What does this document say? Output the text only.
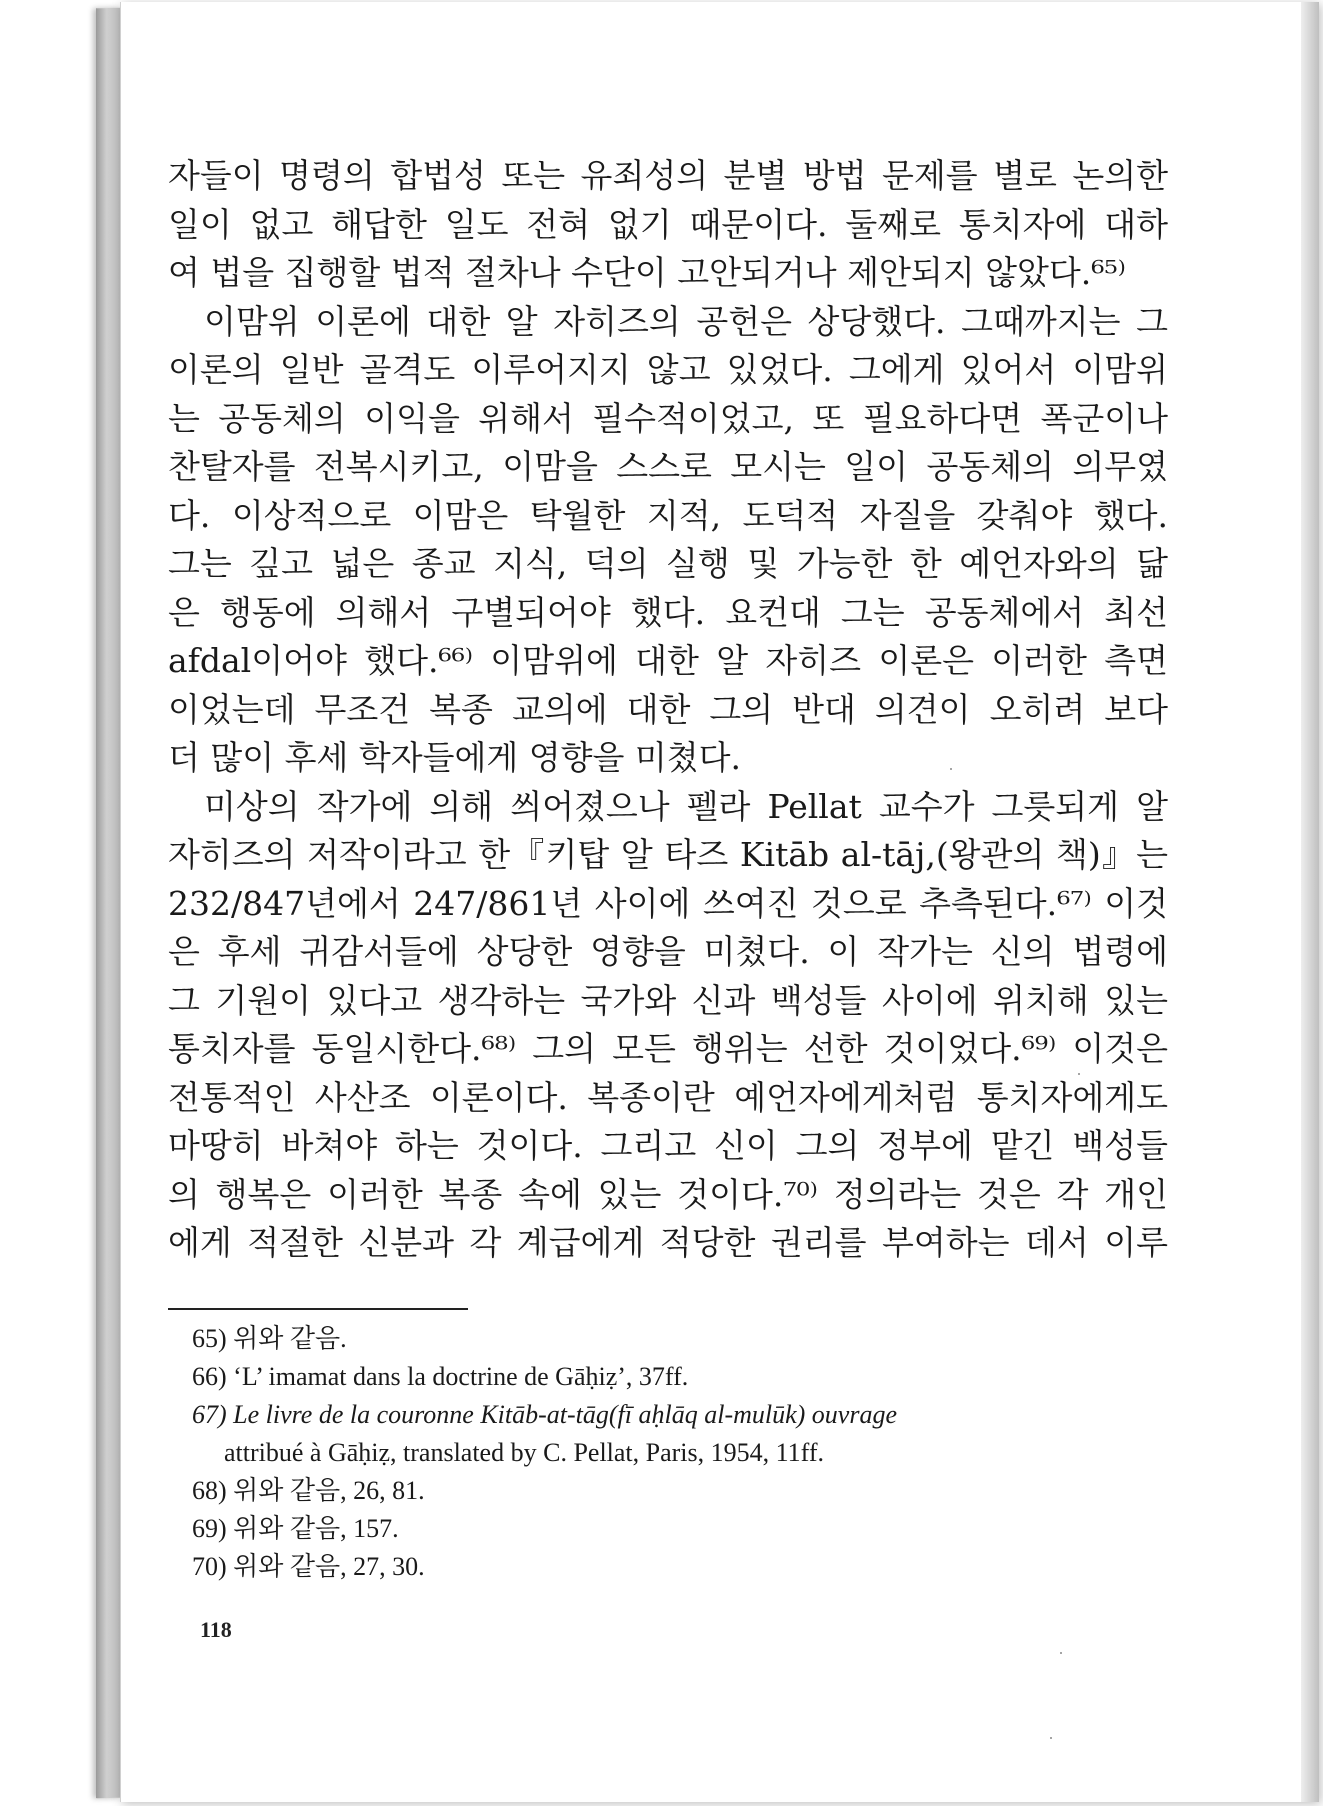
자들이 명령의 합법성 또는 유죄성의 분별 방법 문제를 별로 논의한
일이 없고 해답한 일도 전혀 없기 때문이다. 둘째로 통치자에 대하
여 법을 집행할 법적 절차나 수단이 고안되거나 제안되지 않았다.⁶⁵⁾
이맘위 이론에 대한 알 자히즈의 공헌은 상당했다. 그때까지는 그
이론의 일반 골격도 이루어지지 않고 있었다. 그에게 있어서 이맘위
는 공동체의 이익을 위해서 필수적이었고, 또 필요하다면 폭군이나
찬탈자를 전복시키고, 이맘을 스스로 모시는 일이 공동체의 의무였
다. 이상적으로 이맘은 탁월한 지적, 도덕적 자질을 갖춰야 했다.
그는 깊고 넓은 종교 지식, 덕의 실행 및 가능한 한 예언자와의 닮
은 행동에 의해서 구별되어야 했다. 요컨대 그는 공동체에서 최선
afdal이어야 했다.⁶⁶⁾ 이맘위에 대한 알 자히즈 이론은 이러한 측면
이었는데 무조건 복종 교의에 대한 그의 반대 의견이 오히려 보다
더 많이 후세 학자들에게 영향을 미쳤다.
미상의 작가에 의해 씌어졌으나 펠라 Pellat 교수가 그릇되게 알
자히즈의 저작이라고 한『키탑 알 타즈 Kitāb al-tāj,(왕관의 책)』는
232/847년에서 247/861년 사이에 쓰여진 것으로 추측된다.⁶⁷⁾ 이것
은 후세 귀감서들에 상당한 영향을 미쳤다. 이 작가는 신의 법령에
그 기원이 있다고 생각하는 국가와 신과 백성들 사이에 위치해 있는
통치자를 동일시한다.⁶⁸⁾ 그의 모든 행위는 선한 것이었다.⁶⁹⁾ 이것은
전통적인 사산조 이론이다. 복종이란 예언자에게처럼 통치자에게도
마땅히 바쳐야 하는 것이다. 그리고 신이 그의 정부에 맡긴 백성들
의 행복은 이러한 복종 속에 있는 것이다.⁷⁰⁾ 정의라는 것은 각 개인
에게 적절한 신분과 각 계급에게 적당한 권리를 부여하는 데서 이루
65) 위와 같음.
66) ‘L’ imamat dans la doctrine de Gāḥiẓ’, 37ff.
67) Le livre de la couronne Kitāb-at-tāg(fī aḥlāq al-mulūk) ouvrage
attribué à Gāḥiẓ, translated by C. Pellat, Paris, 1954, 11ff.
68) 위와 같음, 26, 81.
69) 위와 같음, 157.
70) 위와 같음, 27, 30.
118
